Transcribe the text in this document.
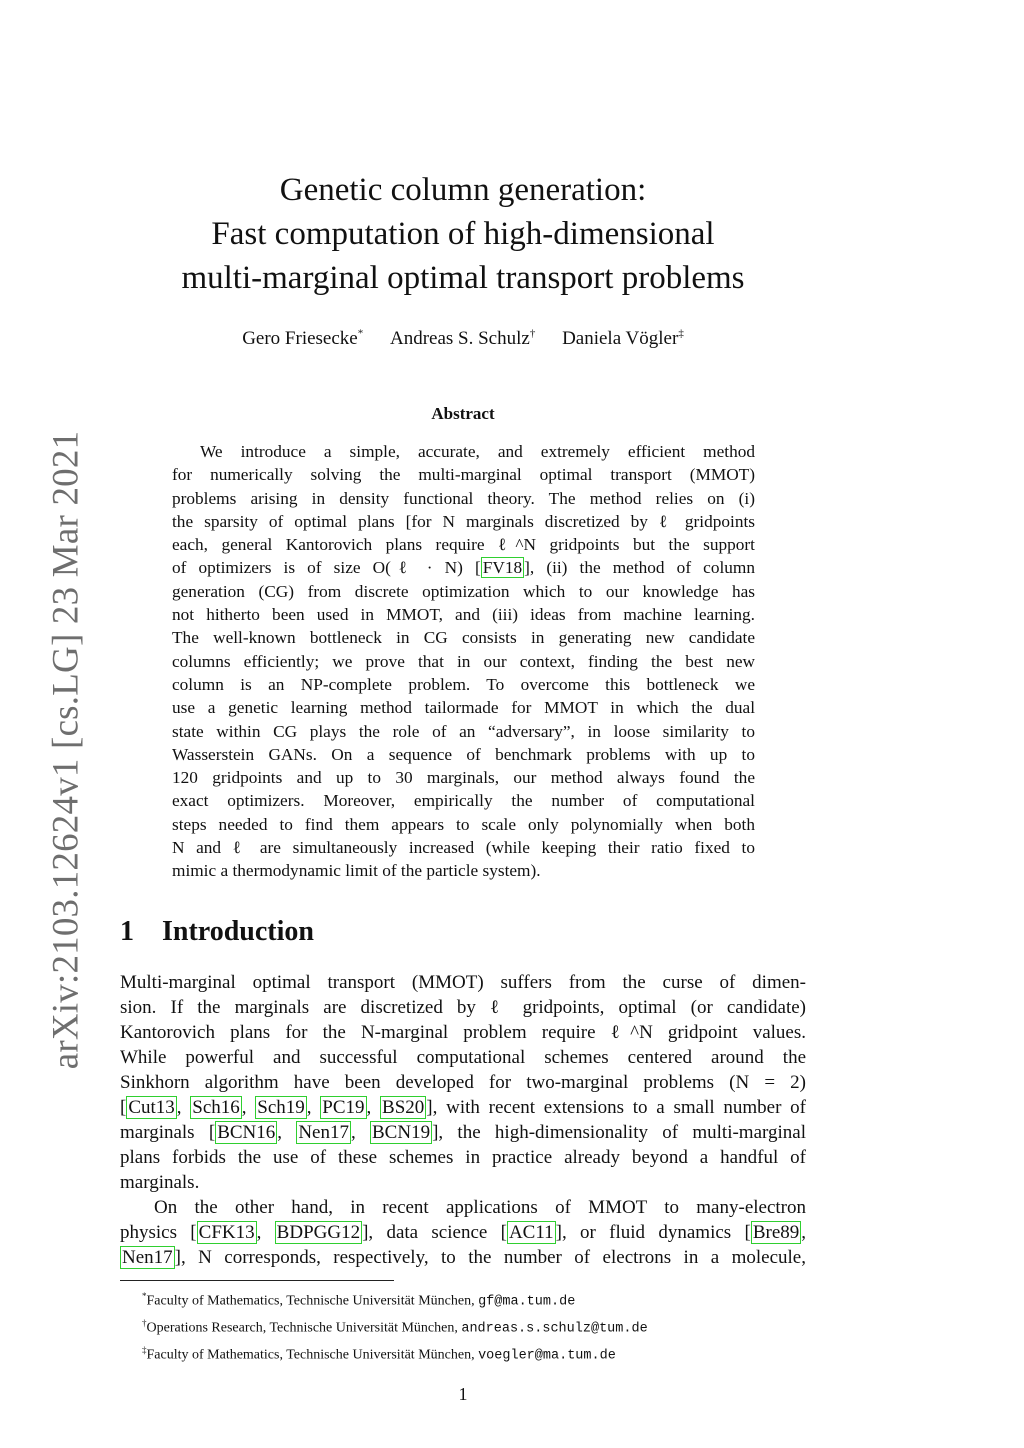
arXiv:2103.12624v1 [cs.LG] 23 Mar 2021
Genetic column generation:
Fast computation of high-dimensional
multi-marginal optimal transport problems
Gero Friesecke* Andreas S. Schulz† Daniela Vögler‡
Abstract
We introduce a simple, accurate, and extremely efficient method
for numerically solving the multi-marginal optimal transport (MMOT)
problems arising in density functional theory. The method relies on (i)
the sparsity of optimal plans [for N marginals discretized by ℓ gridpoints
each, general Kantorovich plans require ℓ^N gridpoints but the support
of optimizers is of size O(ℓ · N) [ FV18 ], (ii) the method of column
generation (CG) from discrete optimization which to our knowledge has
not hitherto been used in MMOT, and (iii) ideas from machine learning.
The well-known bottleneck in CG consists in generating new candidate
columns efficiently; we prove that in our context, finding the best new
column is an NP-complete problem. To overcome this bottleneck we
use a genetic learning method tailormade for MMOT in which the dual
state within CG plays the role of an “adversary”, in loose similarity to
Wasserstein GANs. On a sequence of benchmark problems with up to
120 gridpoints and up to 30 marginals, our method always found the
exact optimizers. Moreover, empirically the number of computational
steps needed to find them appears to scale only polynomially when both
N and ℓ are simultaneously increased (while keeping their ratio fixed to
mimic a thermodynamic limit of the particle system).
1 Introduction
Multi-marginal optimal transport (MMOT) suffers from the curse of dimen-
sion. If the marginals are discretized by ℓ gridpoints, optimal (or candidate)
Kantorovich plans for the N-marginal problem require ℓ^N gridpoint values.
While powerful and successful computational schemes centered around the
Sinkhorn algorithm have been developed for two-marginal problems (N = 2)
[ Cut13 , Sch16 , Sch19 , PC19 , BS20 ], with recent extensions to a small number of
marginals [ BCN16 , Nen17 , BCN19 ], the high-dimensionality of multi-marginal
plans forbids the use of these schemes in practice already beyond a handful of
marginals.
On the other hand, in recent applications of MMOT to many-electron
physics [ CFK13 , BDPGG12 ], data science [ AC11 ], or fluid dynamics [ Bre89 ,
Nen17 ], N corresponds, respectively, to the number of electrons in a molecule,
*Faculty of Mathematics, Technische Universität München, gf@ma.tum.de
†Operations Research, Technische Universität München, andreas.s.schulz@tum.de
‡Faculty of Mathematics, Technische Universität München, voegler@ma.tum.de
1
